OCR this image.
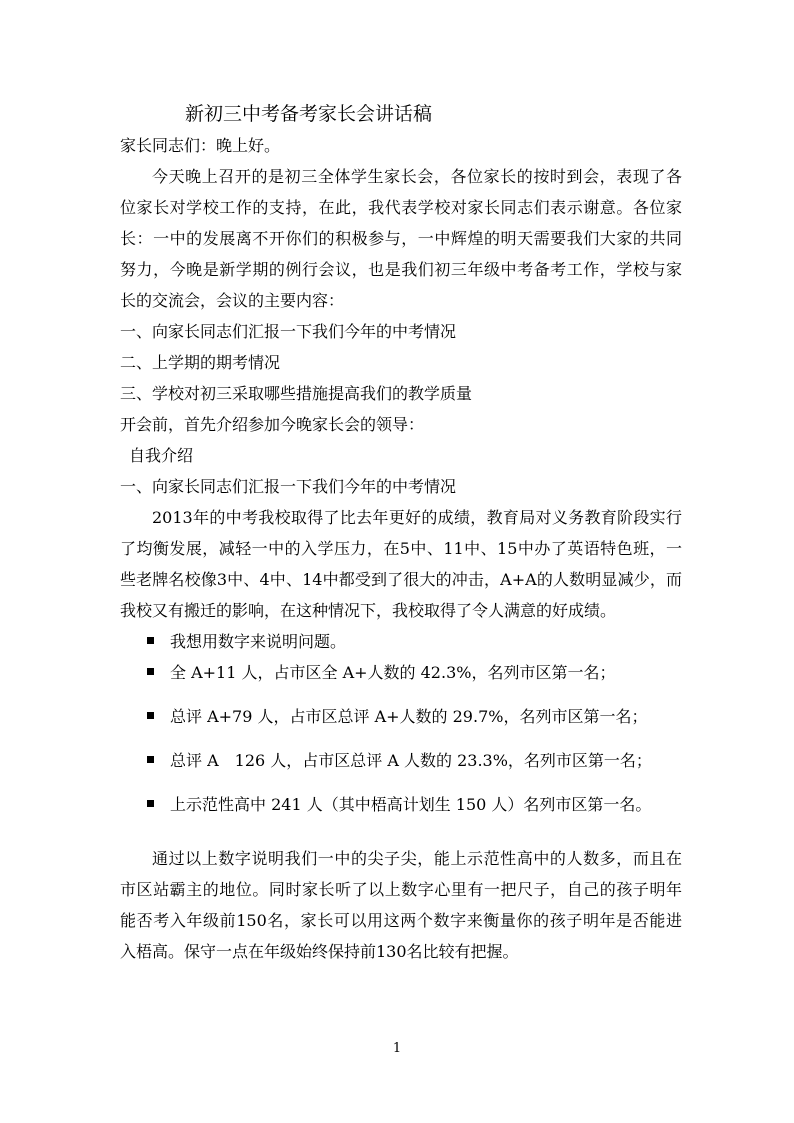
新初三中考备考家长会讲话稿
家长同志们：晚上好。
今天晚上召开的是初三全体学生家长会，各位家长的按时到会，表现了各
位家长对学校工作的支持，在此，我代表学校对家长同志们表示谢意。各位家
长：一中的发展离不开你们的积极参与，一中辉煌的明天需要我们大家的共同
努力，今晚是新学期的例行会议，也是我们初三年级中考备考工作，学校与家
长的交流会，会议的主要内容：
一、向家长同志们汇报一下我们今年的中考情况
二、上学期的期考情况
三、学校对初三采取哪些措施提高我们的教学质量
开会前，首先介绍参加今晚家长会的领导：
自我介绍
一、向家长同志们汇报一下我们今年的中考情况
2013年的中考我校取得了比去年更好的成绩，教育局对义务教育阶段实行
了均衡发展，减轻一中的入学压力，在5中、11中、15中办了英语特色班，一
些老牌名校像3中、4中、14中都受到了很大的冲击，A+A的人数明显减少，而
我校又有搬迁的影响，在这种情况下，我校取得了令人满意的好成绩。
我想用数字来说明问题。
全 A+11 人，占市区全 A+人数的 42.3%，名列市区第一名；
总评 A+79 人，占市区总评 A+人数的 29.7%，名列市区第一名；
总评 A　126 人，占市区总评 A 人数的 23.3%，名列市区第一名；
上示范性高中 241 人（其中梧高计划生 150 人）名列市区第一名。
通过以上数字说明我们一中的尖子尖，能上示范性高中的人数多，而且在
市区站霸主的地位。同时家长听了以上数字心里有一把尺子，自己的孩子明年
能否考入年级前150名，家长可以用这两个数字来衡量你的孩子明年是否能进
入梧高。保守一点在年级始终保持前130名比较有把握。
1
